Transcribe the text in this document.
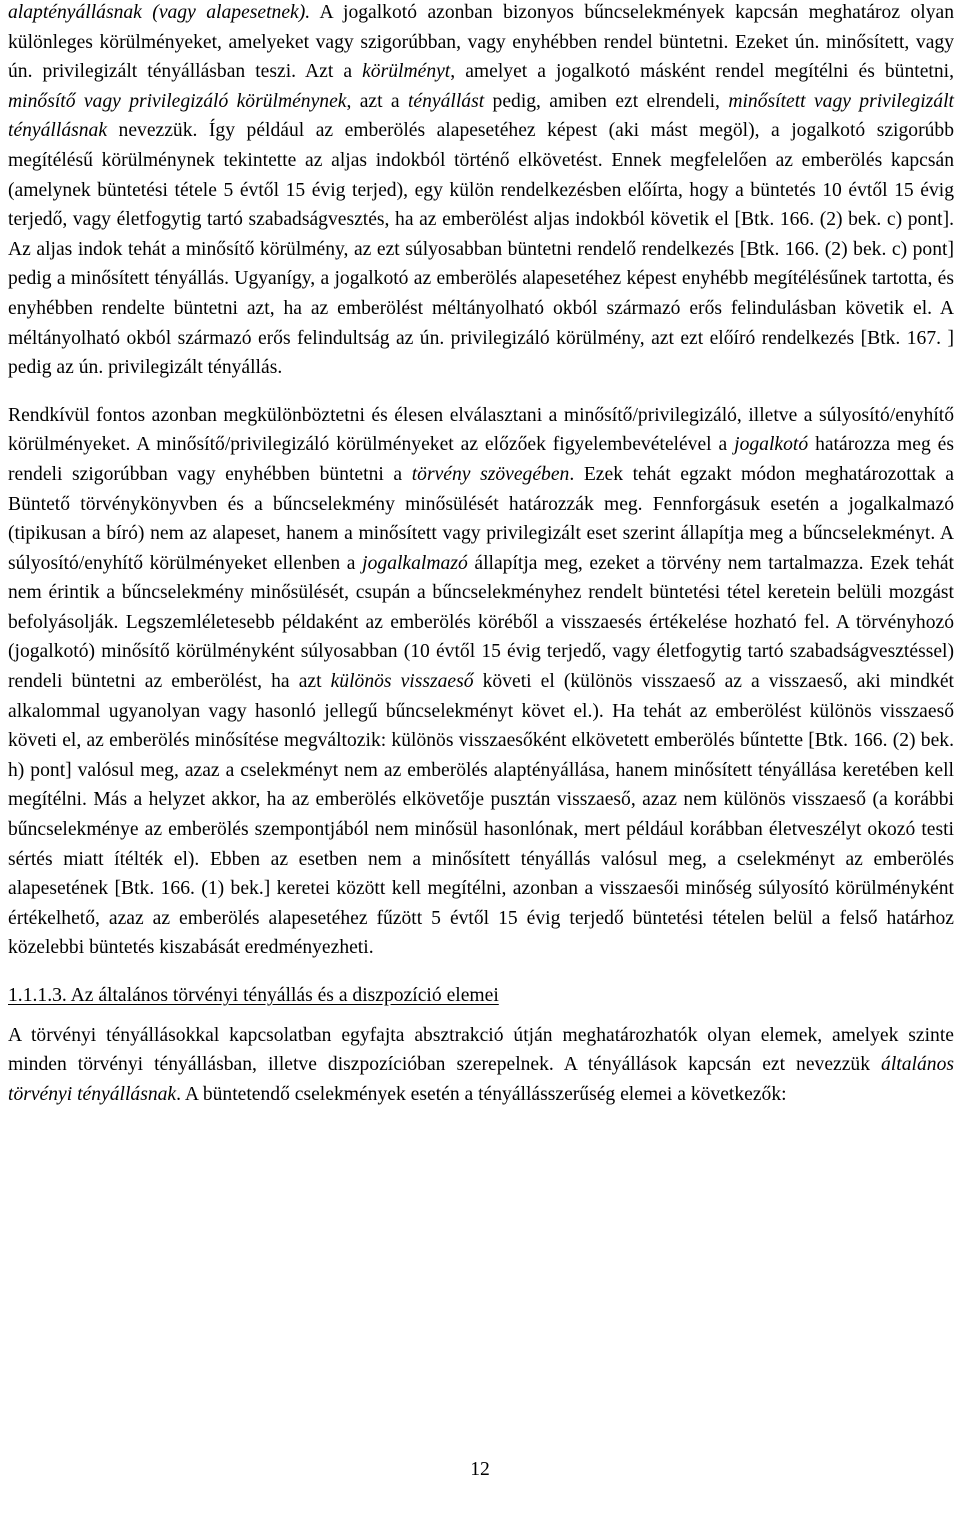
alaptényállásnak (vagy alapesetnek). A jogalkotó azonban bizonyos bűncselekmények kapcsán meghatároz olyan különleges körülményeket, amelyeket vagy szigorúbban, vagy enyhébben rendel büntetni. Ezeket ún. minősített, vagy ún. privilegizált tényállásban teszi. Azt a körülményt, amelyet a jogalkotó másként rendel megítélni és büntetni, minősítő vagy privilegizáló körülménynek, azt a tényállást pedig, amiben ezt elrendeli, minősített vagy privilegizált tényállásnak nevezzük. Így például az emberölés alapesetéhez képest (aki mást megöl), a jogalkotó szigorúbb megítélésű körülménynek tekintette az aljas indokból történő elkövetést. Ennek megfelelően az emberölés kapcsán (amelynek büntetési tétele 5 évtől 15 évig terjed), egy külön rendelkezésben előírta, hogy a büntetés 10 évtől 15 évig terjedő, vagy életfogytig tartó szabadságvesztés, ha az emberölést aljas indokból követik el [Btk. 166. (2) bek. c) pont]. Az aljas indok tehát a minősítő körülmény, az ezt súlyosabban büntetni rendelő rendelkezés [Btk. 166. (2) bek. c) pont] pedig a minősített tényállás. Ugyanígy, a jogalkotó az emberölés alapesetéhez képest enyhébb megítélésűnek tartotta, és enyhébben rendelte büntetni azt, ha az emberölést méltányolható okból származó erős felindulásban követik el. A méltányolható okból származó erős felindultság az ún. privilegizáló körülmény, azt ezt előíró rendelkezés [Btk. 167. ] pedig az ún. privilegizált tényállás.

Rendkívül fontos azonban megkülönböztetni és élesen elválasztani a minősítő/privilegizáló, illetve a súlyosító/enyhítő körülményeket. A minősítő/privilegizáló körülményeket az előzőek figyelembevételével a jogalkotó határozza meg és rendeli szigorúbban vagy enyhébben büntetni a törvény szövegében. Ezek tehát egzakt módon meghatározottak a Büntető törvénykönyvben és a bűncselekmény minősülését határozzák meg. Fennforgásuk esetén a jogalkalmazó (tipikusan a bíró) nem az alapeset, hanem a minősített vagy privilegizált eset szerint állapítja meg a bűncselekményt. A súlyosító/enyhítő körülményeket ellenben a jogalkalmazó állapítja meg, ezeket a törvény nem tartalmazza. Ezek tehát nem érintik a bűncselekmény minősülését, csupán a bűncselekményhez rendelt büntetési tétel keretein belüli mozgást befolyásolják. Legszemléletesebb példaként az emberölés köréből a visszaesés értékelése hozható fel. A törvényhozó (jogalkotó) minősítő körülményként súlyosabban (10 évtől 15 évig terjedő, vagy életfogytig tartó szabadságvesztéssel) rendeli büntetni az emberölést, ha azt különös visszaeső követi el (különös visszaeső az a visszaeső, aki mindkét alkalommal ugyanolyan vagy hasonló jellegű bűncselekményt követ el.). Ha tehát az emberölést különös visszaeső követi el, az emberölés minősítése megváltozik: különös visszaesőként elkövetett emberölés bűntette [Btk. 166. (2) bek. h) pont] valósul meg, azaz a cselekményt nem az emberölés alaptényállása, hanem minősített tényállása keretében kell megítélni. Más a helyzet akkor, ha az emberölés elkövetője pusztán visszaeső, azaz nem különös visszaeső (a korábbi bűncselekménye az emberölés szempontjából nem minősül hasonlónak, mert például korábban életveszélyt okozó testi sértés miatt ítélték el). Ebben az esetben nem a minősített tényállás valósul meg, a cselekményt az emberölés alapesetének [Btk. 166. (1) bek.] keretei között kell megítélni, azonban a visszaesői minőség súlyosító körülményként értékelhető, azaz az emberölés alapesetéhez fűzött 5 évtől 15 évig terjedő büntetési tételen belül a felső határhoz közelebbi büntetés kiszabását eredményezheti.

1.1.1.3. Az általános törvényi tényállás és a diszpozíció elemei

A törvényi tényállásokkal kapcsolatban egyfajta absztrakció útján meghatározhatók olyan elemek, amelyek szinte minden törvényi tényállásban, illetve diszpozícióban szerepelnek. A tényállások kapcsán ezt nevezzük általános törvényi tényállásnak. A büntetendő cselekmények esetén a tényállásszerűség elemei a következők:

12
